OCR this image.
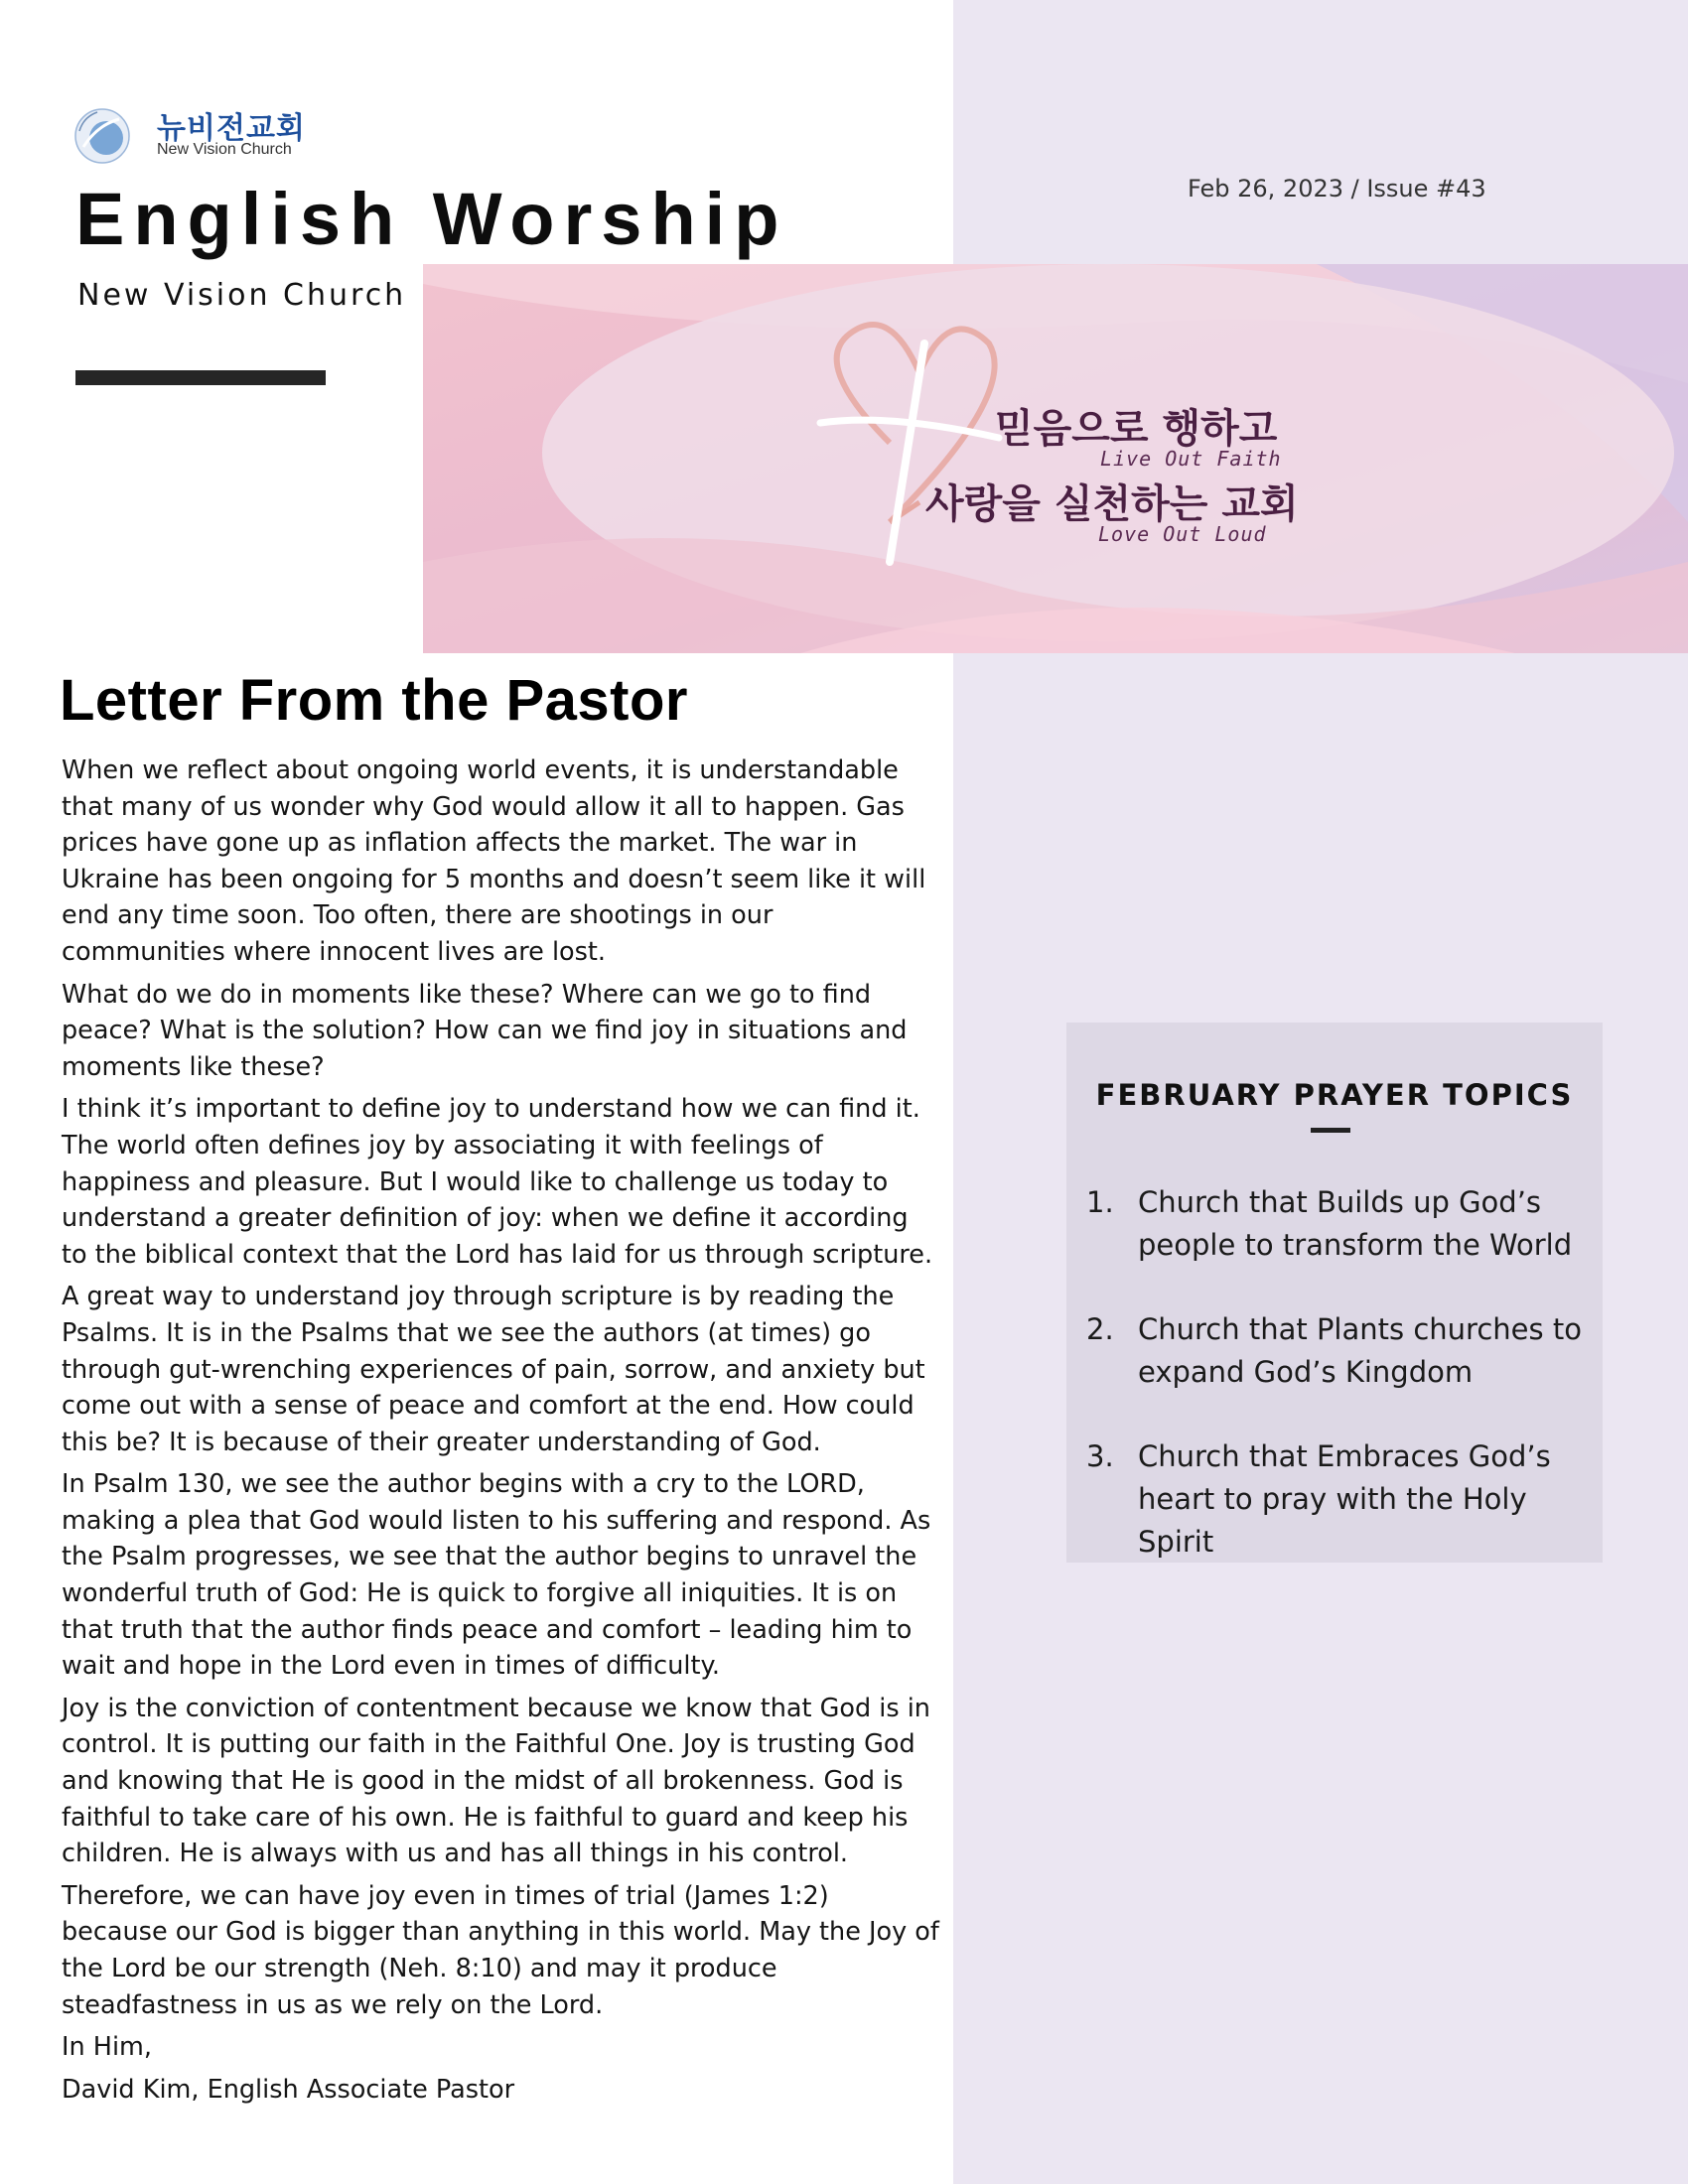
뉴비전교회
New Vision Church
English Worship
New Vision Church
Feb 26, 2023 / Issue #43
믿음으로 행하고
Live Out Faith
사랑을 실천하는 교회
Love Out Loud
Letter From the Pastor

When we reflect about ongoing world events, it is understandable that many of us wonder why God would allow it all to happen. Gas prices have gone up as inflation affects the market. The war in Ukraine has been ongoing for 5 months and doesn’t seem like it will end any time soon. Too often, there are shootings in our communities where innocent lives are lost.

What do we do in moments like these? Where can we go to find peace? What is the solution? How can we find joy in situations and moments like these?

I think it’s important to define joy to understand how we can find it. The world often defines joy by associating it with feelings of happiness and pleasure. But I would like to challenge us today to understand a greater definition of joy: when we define it according to the biblical context that the Lord has laid for us through scripture.

A great way to understand joy through scripture is by reading the Psalms. It is in the Psalms that we see the authors (at times) go through gut-wrenching experiences of pain, sorrow, and anxiety but come out with a sense of peace and comfort at the end. How could this be? It is because of their greater understanding of God.

In Psalm 130, we see the author begins with a cry to the LORD, making a plea that God would listen to his suffering and respond. As the Psalm progresses, we see that the author begins to unravel the wonderful truth of God: He is quick to forgive all iniquities. It is on that truth that the author finds peace and comfort – leading him to wait and hope in the Lord even in times of difficulty.

Joy is the conviction of contentment because we know that God is in control. It is putting our faith in the Faithful One. Joy is trusting God and knowing that He is good in the midst of all brokenness. God is faithful to take care of his own. He is faithful to guard and keep his children. He is always with us and has all things in his control.

Therefore, we can have joy even in times of trial (James 1:2) because our God is bigger than anything in this world. May the Joy of the Lord be our strength (Neh. 8:10) and may it produce steadfastness in us as we rely on the Lord.

In Him,

David Kim, English Associate Pastor

FEBRUARY PRAYER TOPICS
1. Church that Builds up God’s people to transform the World
2. Church that Plants churches to expand God’s Kingdom
3. Church that Embraces God’s heart to pray with the Holy Spirit
